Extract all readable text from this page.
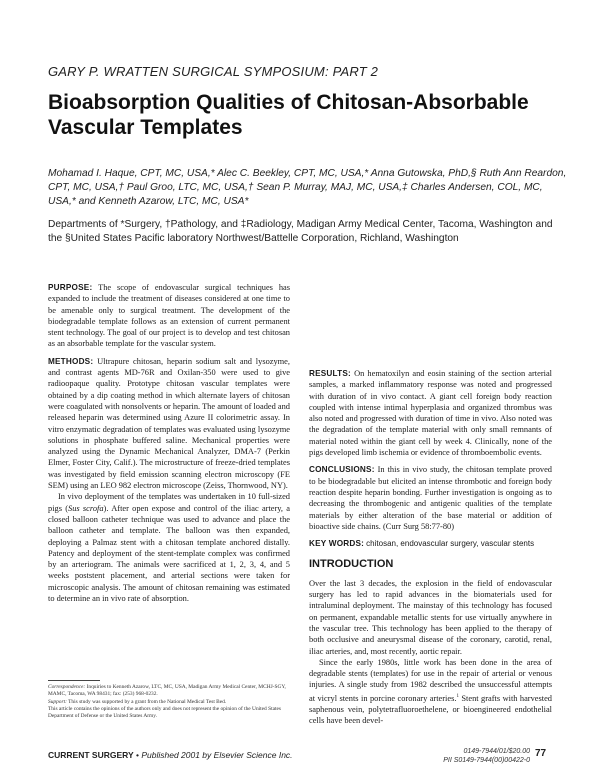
GARY P. WRATTEN SURGICAL SYMPOSIUM: PART 2
Bioabsorption Qualities of Chitosan-Absorbable Vascular Templates
Mohamad I. Haque, CPT, MC, USA,* Alec C. Beekley, CPT, MC, USA,* Anna Gutowska, PhD,§ Ruth Ann Reardon, CPT, MC, USA,† Paul Groo, LTC, MC, USA,† Sean P. Murray, MAJ, MC, USA,‡ Charles Andersen, COL, MC, USA,* and Kenneth Azarow, LTC, MC, USA*
Departments of *Surgery, †Pathology, and ‡Radiology, Madigan Army Medical Center, Tacoma, Washington and the §United States Pacific laboratory Northwest/Battelle Corporation, Richland, Washington

PURPOSE: The scope of endovascular surgical techniques has expanded to include the treatment of diseases considered at one time to be amenable only to surgical treatment. The development of the biodegradable template follows as an extension of current permanent stent technology. The goal of our project is to develop and test chitosan as an absorbable template for the vascular system.

METHODS: Ultrapure chitosan, heparin sodium salt and lysozyme, and contrast agents MD-76R and Oxilan-350 were used to give radioopaque quality. Prototype chitosan vascular templates were obtained by a dip coating method in which alternate layers of chitosan were coagulated with nonsolvents or heparin. The amount of loaded and released heparin was determined using Azure II colorimetric assay. In vitro enzymatic degradation of templates was evaluated using lysozyme solutions in phosphate buffered saline. Mechanical properties were analyzed using the Dynamic Mechanical Analyzer, DMA-7 (Perkin Elmer, Foster City, Calif.). The microstructure of freeze-dried templates was investigated by field emission scanning electron microscopy (FE SEM) using an LEO 982 electron microscope (Zeiss, Thornwood, NY).

In vivo deployment of the templates was undertaken in 10 full-sized pigs (Sus scrofa). After open expose and control of the iliac artery, a closed balloon catheter technique was used to advance and place the balloon catheter and template. The balloon was then expanded, deploying a Palmaz stent with a chitosan template anchored distally. Patency and deployment of the stent-template complex was confirmed by an arteriogram. The animals were sacrificed at 1, 2, 3, 4, and 5 weeks poststent placement, and arterial sections were taken for microscopic analysis. The amount of chitosan remaining was estimated to determine an in vivo rate of absorption.

RESULTS: On hematoxilyn and eosin staining of the section arterial samples, a marked inflammatory response was noted and progressed with duration of in vivo contact. A giant cell foreign body reaction coupled with intense intimal hyperplasia and organized thrombus was also noted and progressed with duration of time in vivo. Also noted was the degradation of the template material with only small remnants of material noted within the giant cell by week 4. Clinically, none of the pigs developed limb ischemia or evidence of thromboembolic events.

CONCLUSIONS: In this in vivo study, the chitosan template proved to be biodegradable but elicited an intense thrombotic and foreign body reaction despite heparin bonding. Further investigation is ongoing as to decreasing the thrombogenic and antigenic qualities of the template materials by either alteration of the base material or addition of bioactive side chains. (Curr Surg 58:77-80)

KEY WORDS: chitosan, endovascular surgery, vascular stents

INTRODUCTION

Over the last 3 decades, the explosion in the field of endovascular surgery has led to rapid advances in the biomaterials used for intraluminal deployment. The mainstay of this technology has focused on permanent, expandable metallic stents for use virtually anywhere in the vascular tree. This technology has been applied to the therapy of both occlusive and aneurysmal disease of the coronary, carotid, renal, iliac arteries, and, most recently, aortic repair.

Since the early 1980s, little work has been done in the area of degradable stents (templates) for use in the repair of arterial or venous injuries. A single study from 1982 described the unsuccessful attempts at vicryl stents in porcine coronary arteries.$^1$ Stent grafts with harvested saphenous vein, polytetrafluoroethelene, or bioengineered endothelial cells have been devel-

Correspondence: Inquiries to Kenneth Azarow, LTC, MC, USA, Madigan Army Medical Center, MCHJ-SGY, MAMC, Tacoma, WA 98431; fax: (253) 968-0232.

Support: This study was supported by a grant from the National Medical Test Bed.

This article contains the opinions of the authors only and does not represent the opinion of the United States Department of Defense or the United States Army.

CURRENT SURGERY • Published 2001 by Elsevier Science Inc.	0149-7944/01/$20.00
PII S0149-7944(00)00422-0
77
